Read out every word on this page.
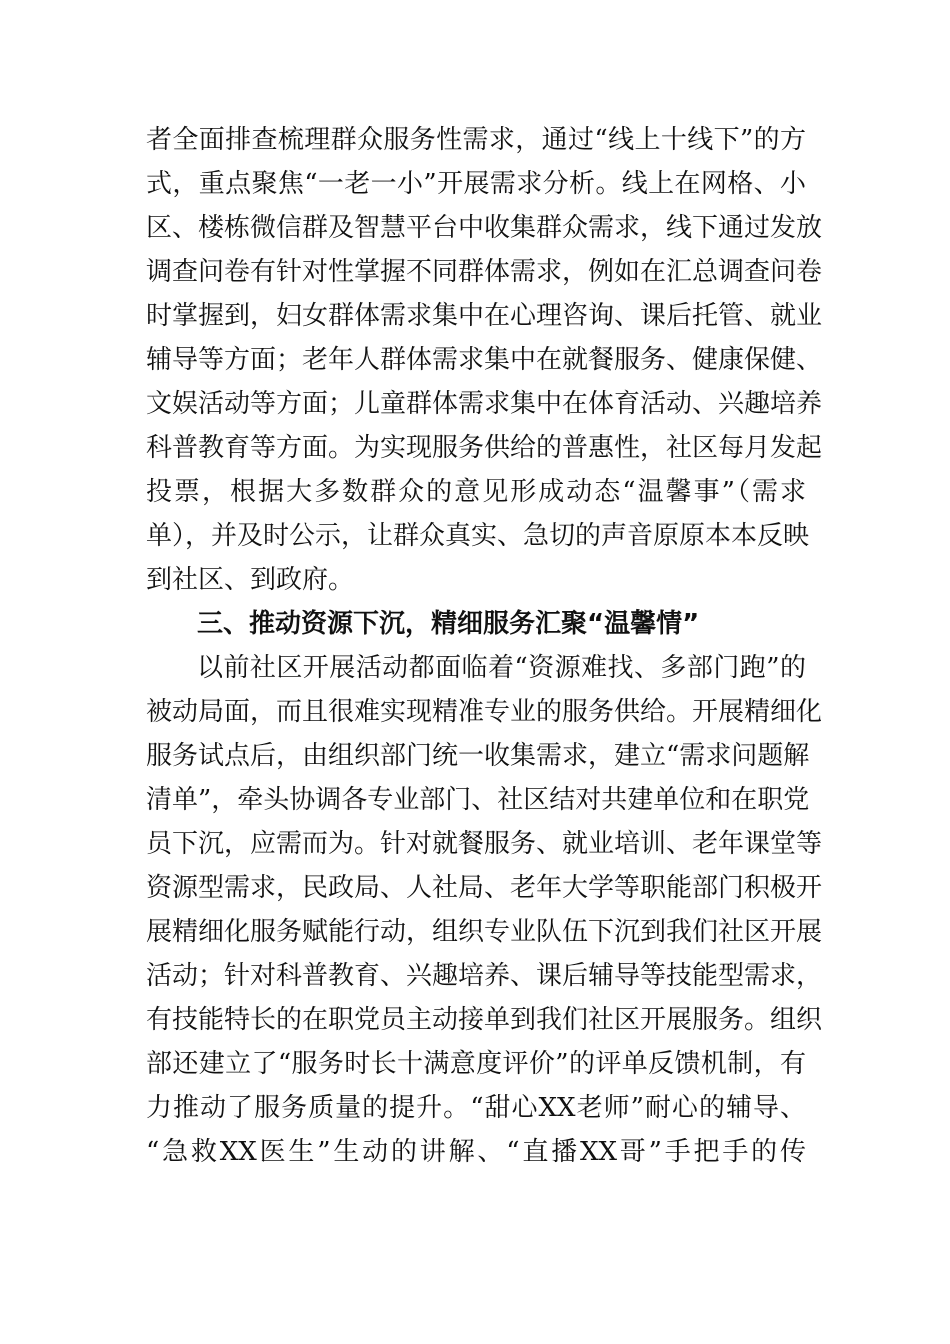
者全面排查梳理群众服务性需求，通过“线上十线下”的方
式，重点聚焦“一老一小”开展需求分析。线上在网格、小
区、楼栋微信群及智慧平台中收集群众需求，线下通过发放
调查问卷有针对性掌握不同群体需求，例如在汇总调查问卷
时掌握到，妇女群体需求集中在心理咨询、课后托管、就业
辅导等方面；老年人群体需求集中在就餐服务、健康保健、
文娱活动等方面；儿童群体需求集中在体育活动、兴趣培养
科普教育等方面。为实现服务供给的普惠性，社区每月发起
投票，根据大多数群众的意见形成动态“温馨事”（需求
单），并及时公示，让群众真实、急切的声音原原本本反映
到社区、到政府。
三、推动资源下沉，精细服务汇聚“温馨情”
以前社区开展活动都面临着“资源难找、多部门跑”的
被动局面，而且很难实现精准专业的服务供给。开展精细化
服务试点后，由组织部门统一收集需求，建立“需求问题解
清单”，牵头协调各专业部门、社区结对共建单位和在职党
员下沉，应需而为。针对就餐服务、就业培训、老年课堂等
资源型需求，民政局、人社局、老年大学等职能部门积极开
展精细化服务赋能行动，组织专业队伍下沉到我们社区开展
活动；针对科普教育、兴趣培养、课后辅导等技能型需求，
有技能特长的在职党员主动接单到我们社区开展服务。组织
部还建立了“服务时长十满意度评价”的评单反馈机制，有
力推动了服务质量的提升。“甜心XX老师”耐心的辅导、
“急救XX医生”生动的讲解、“直播XX哥”手把手的传
